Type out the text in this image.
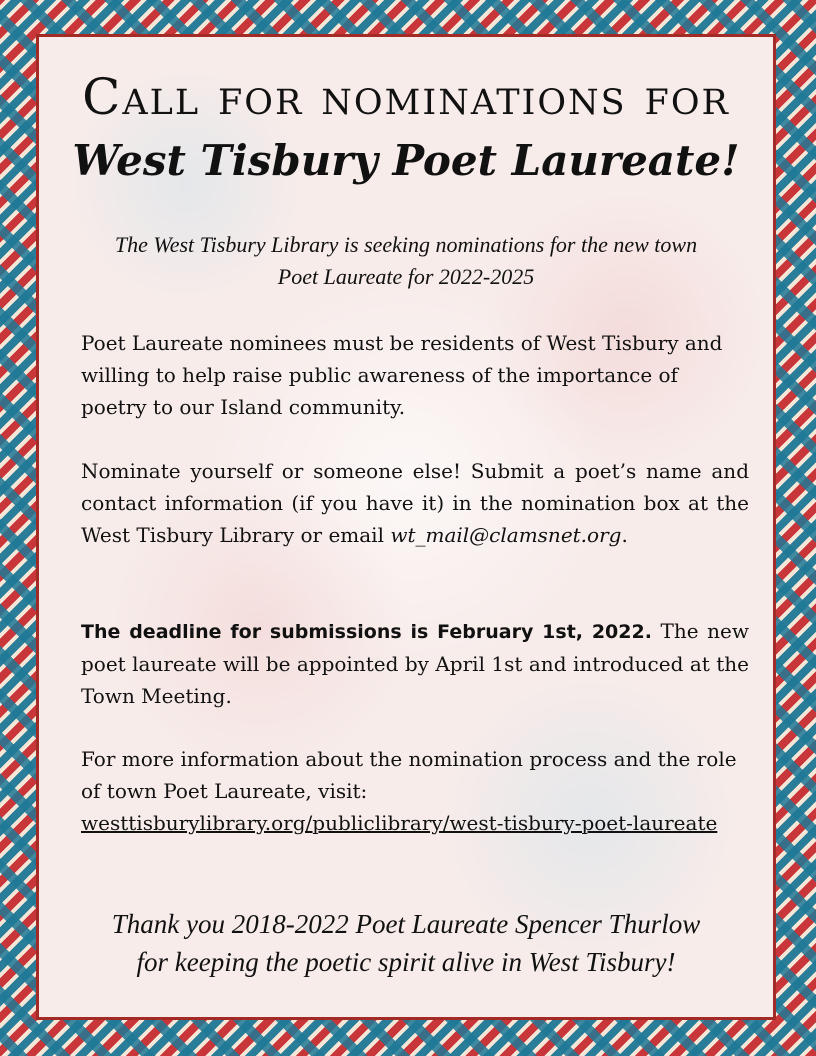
Call for nominations for
West Tisbury Poet Laureate!
The West Tisbury Library is seeking nominations for the new town Poet Laureate for 2022-2025

Poet Laureate nominees must be residents of West Tisbury and willing to help raise public awareness of the importance of poetry to our Island community.

Nominate yourself or someone else! Submit a poet’s name and contact information (if you have it) in the nomination box at the West Tisbury Library or email wt_mail@clamsnet.org.

The deadline for submissions is February 1st, 2022. The new poet laureate will be appointed by April 1st and introduced at the Town Meeting.

For more information about the nomination process and the role of town Poet Laureate, visit: westtisburylibrary.org/publiclibrary/west-tisbury-poet-laureate

Thank you 2018-2022 Poet Laureate Spencer Thurlow
for keeping the poetic spirit alive in West Tisbury!
